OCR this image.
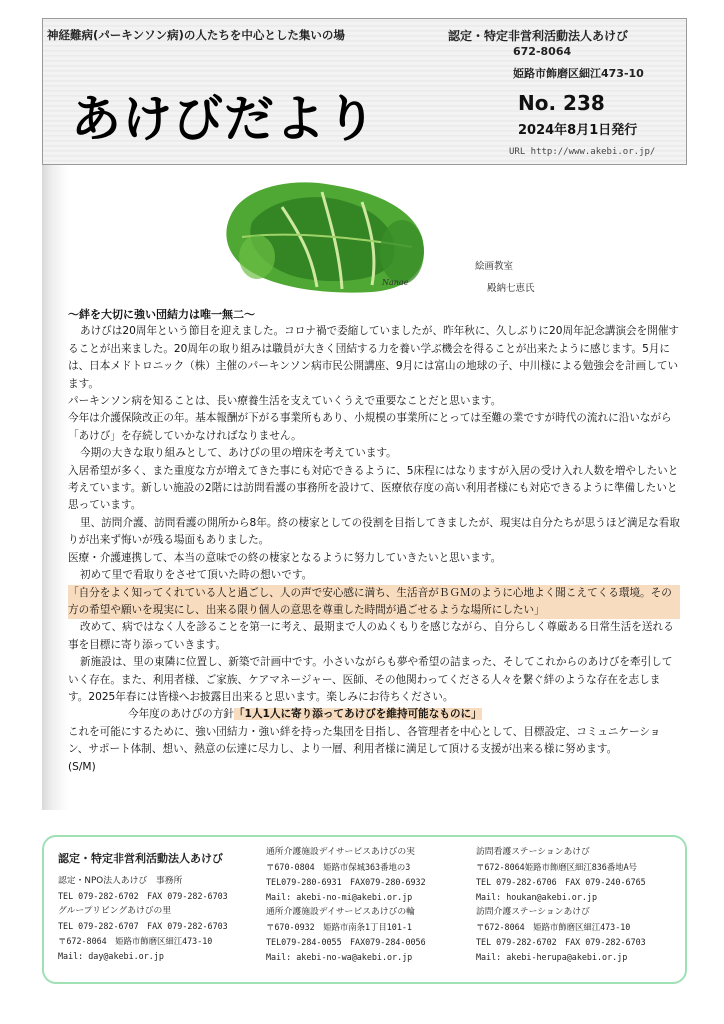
神経難病(パーキンソン病)の人たちを中心とした集いの場	認定・特定非営利活動法人あけび
672-8064
姫路市飾磨区細江473-10
あけびだより	No. 238
2024年8月1日発行
URL http://www.akebi.or.jp/
Nanae
絵画教室
殿納七恵氏

～絆を大切に強い団結力は唯一無二～

あけびは20周年という節目を迎えました。コロナ禍で委縮していましたが、昨年秋に、久しぶりに20周年記念講演会を開催することが出来ました。20周年の取り組みは職員が大きく団結する力を養い学ぶ機会を得ることが出来たように感じます。5月には、日本メドトロニック（株）主催のパーキンソン病市民公開講座、9月には富山の地球の子、中川様による勉強会を計画しています。

パーキンソン病を知ることは、長い療養生活を支えていくうえで重要なことだと思います。

今年は介護保険改正の年。基本報酬が下がる事業所もあり、小規模の事業所にとっては至難の業ですが時代の流れに沿いながら「あけび」を存続していかなければなりません。

今期の大きな取り組みとして、あけびの里の増床を考えています。

入居希望が多く、また重度な方が増えてきた事にも対応できるように、5床程にはなりますが入居の受け入れ人数を増やしたいと考えています。新しい施設の2階には訪問看護の事務所を設けて、医療依存度の高い利用者様にも対応できるように準備したいと思っています。

里、訪問介護、訪問看護の開所から8年。終の棲家としての役割を目指してきましたが、現実は自分たちが思うほど満足な看取りが出来ず悔いが残る場面もありました。

医療・介護連携して、本当の意味での終の棲家となるように努力していきたいと思います。

初めて里で看取りをさせて頂いた時の想いです。

「自分をよく知ってくれている人と過ごし、人の声で安心感に満ち、生活音がＢＧＭのように心地よく聞こえてくる環境。その方の希望や願いを現実にし、出来る限り個人の意思を尊重した時間が過ごせるような場所にしたい」

改めて、病ではなく人を診ることを第一に考え、最期まで人のぬくもりを感じながら、自分らしく尊厳ある日常生活を送れる事を目標に寄り添っていきます。

新施設は、里の東隣に位置し、新築で計画中です。小さいながらも夢や希望の詰まった、そしてこれからのあけびを牽引していく存在。また、利用者様、ご家族、ケアマネージャー、医師、その他関わってくださる人々を繋ぐ絆のような存在を志します。2025年春には皆様へお披露目出来ると思います。楽しみにお待ちください。

今年度のあけびの方針「1人1人に寄り添ってあけびを維持可能なものに」

これを可能にするために、強い団結力・強い絆を持った集団を目指し、各管理者を中心として、目標設定、コミュニケーション、サポート体制、想い、熱意の伝達に尽力し、より一層、利用者様に満足して頂ける支援が出来る様に努めます。(S/M)

認定・特定非営利活動法人あけび
認定・NPO法人あけび　事務所
TEL 079-282-6702　FAX 079-282-6703
グループリビングあけびの里
TEL 079-282-6707　FAX 079-282-6703
〒672-8064　姫路市飾磨区細江473-10
Mail: day@akebi.or.jp
通所介護施設デイサービスあけびの実
〒670-0804　姫路市保城363番地の3
TEL079-280-6931　FAX079-280-6932
Mail: akebi-no-mi@akebi.or.jp
通所介護施設デイサービスあけびの輪
〒670-0932　姫路市南条1丁目101-1
TEL079-284-0055　FAX079-284-0056
Mail: akebi-no-wa@akebi.or.jp
訪問看護ステーションあけび
〒672-8064姫路市飾磨区細江836番地A号
TEL 079-282-6706　FAX 079-240-6765
Mail: houkan@akebi.or.jp
訪問介護ステーションあけび
〒672-8064　姫路市飾磨区細江473-10
TEL 079-282-6702　FAX 079-282-6703
Mail: akebi-herupa@akebi.or.jp
